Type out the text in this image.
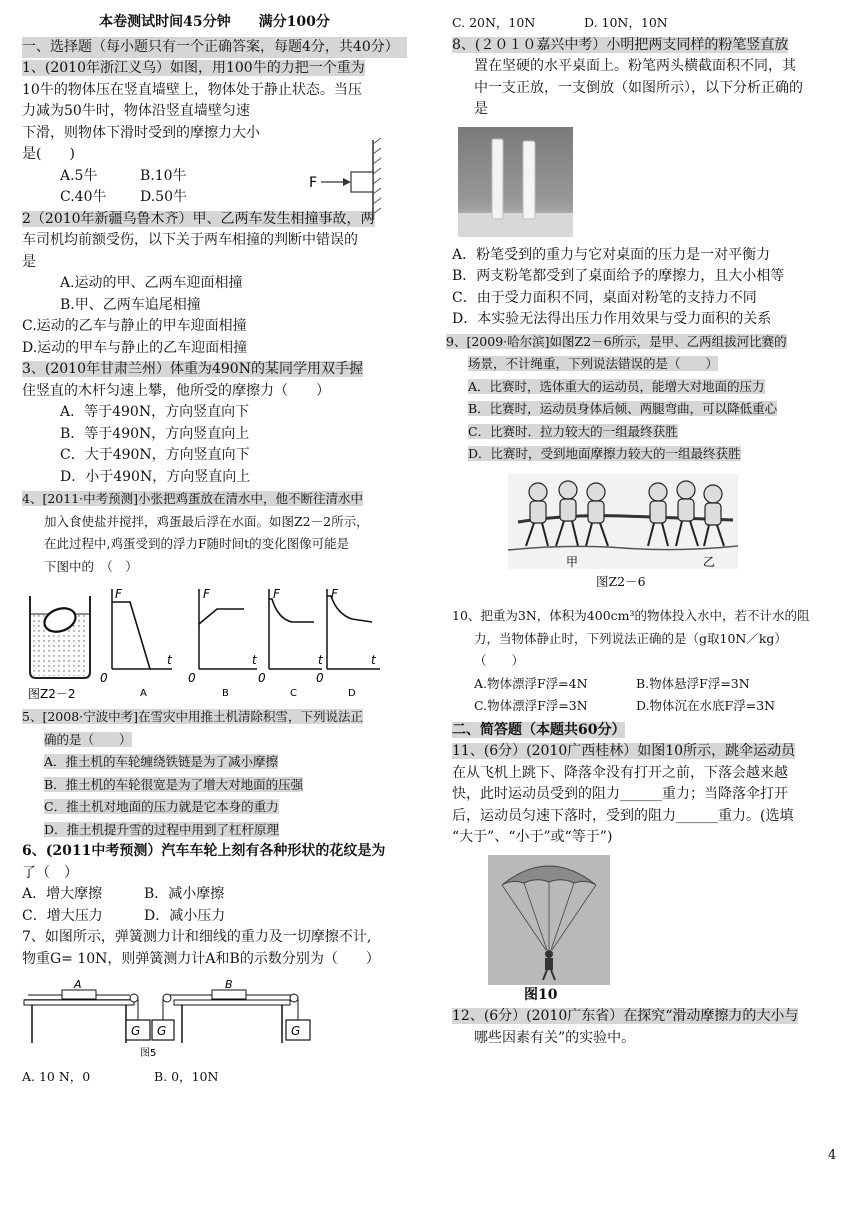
本卷测试时间45分钟　　满分100分

一、选择题（每小题只有一个正确答案，每题4分，共40分）

1、(2010年浙江义乌）如图，用100牛的力把一个重为

10牛的物体压在竖直墙壁上，物体处于静止状态。当压

力减为50牛时，物体沿竖直墙壁匀速

下滑，则物体下滑时受到的摩擦力大小

是(　　)

A.5牛	B.10牛

C.40牛	D.50牛

F

2（2010年新疆乌鲁木齐）甲、乙两车发生相撞事故，两

车司机均前额受伤，以下关于两车相撞的判断中错误的

是

A.运动的甲、乙两车迎面相撞

B.甲、乙两车追尾相撞

C.运动的乙车与静止的甲车迎面相撞

D.运动的甲车与静止的乙车迎面相撞

3、(2010年甘肃兰州）体重为490N的某同学用双手握

住竖直的木杆匀速上攀，他所受的摩擦力（　　）

A．等于490N，方向竖直向下

B．等于490N，方向竖直向上

C．大于490N，方向竖直向下

D．小于490N，方向竖直向上

4、[2011·中考预测]小张把鸡蛋放在清水中，他不断往清水中

加入食使盐并搅拌，鸡蛋最后浮在水面。如图Z2－2所示，

在此过程中,鸡蛋受到的浮力F随时间t的变化图像可能是

下图中的　（　）

图Z2－2
F
t
0
A
F
t
0
B
F
t
0
C
F
t
0
D

5、[2008·宁波中考]在雪灾中用推土机清除积雪，下列说法正

确的是（　　）

A．推土机的车轮缠绕铁链是为了减小摩擦

B．推土机的车轮很宽是为了增大对地面的压强

C．推土机对地面的压力就是它本身的重力

D．推土机提升雪的过程中用到了杠杆原理

6、(2011中考预测）汽车车轮上刻有各种形状的花纹是为

了（　）

A．增大摩擦	B．减小摩擦

C．增大压力	D．减小压力

7、如图所示，弹簧测力计和细线的重力及一切摩擦不计,

物重G= 10N，则弹簧测力计A和B的示数分别为（　　）

A
G G
B
G
图5

A. 10 N，0	B. 0，10N

C. 20N，10N	D. 10N，10N

8、(２０１０嘉兴中考）小明把两支同样的粉笔竖直放

置在坚硬的水平桌面上。粉笔两头横截面积不同，其

中一支正放，一支倒放（如图所示），以下分析正确的

是

A．粉笔受到的重力与它对桌面的压力是一对平衡力

B．两支粉笔都受到了桌面给予的摩擦力，且大小相等

C．由于受力面积不同，桌面对粉笔的支持力不同

D．本实验无法得出压力作用效果与受力面积的关系

9、[2009·哈尔滨]如图Z2－6所示，是甲、乙两组拔河比赛的

场景，不计绳重，下列说法错误的是（　　）

A．比赛时，选体重大的运动员，能增大对地面的压力

B．比赛时，运动员身体后倾、两腿弯曲，可以降低重心

C．比赛时．拉力较大的一组最终获胜

D．比赛时，受到地面摩擦力较大的一组最终获胜

甲	乙

图Z2－6

10、把重为3N，体积为400cm³的物体投入水中，若不计水的阻

力，当物体静止时，下列说法正确的是（g取10N／kg）

（　　）

A.物体漂浮F浮=4N	B.物体悬浮F浮=3N

C.物体漂浮F浮=3N	D.物体沉在水底F浮=3N

二、简答题（本题共60分）

11、(6分）(2010广西桂林）如图10所示，跳伞运动员

在从飞机上跳下、降落伞没有打开之前，下落会越来越

快，此时运动员受到的阻力______重力；当降落伞打开

后，运动员匀速下落时，受到的阻力______重力。(选填

“大于”、“小于”或“等于”)

图10

12、(6分）(2010广东省）在探究“滑动摩擦力的大小与

哪些因素有关”的实验中。

4
